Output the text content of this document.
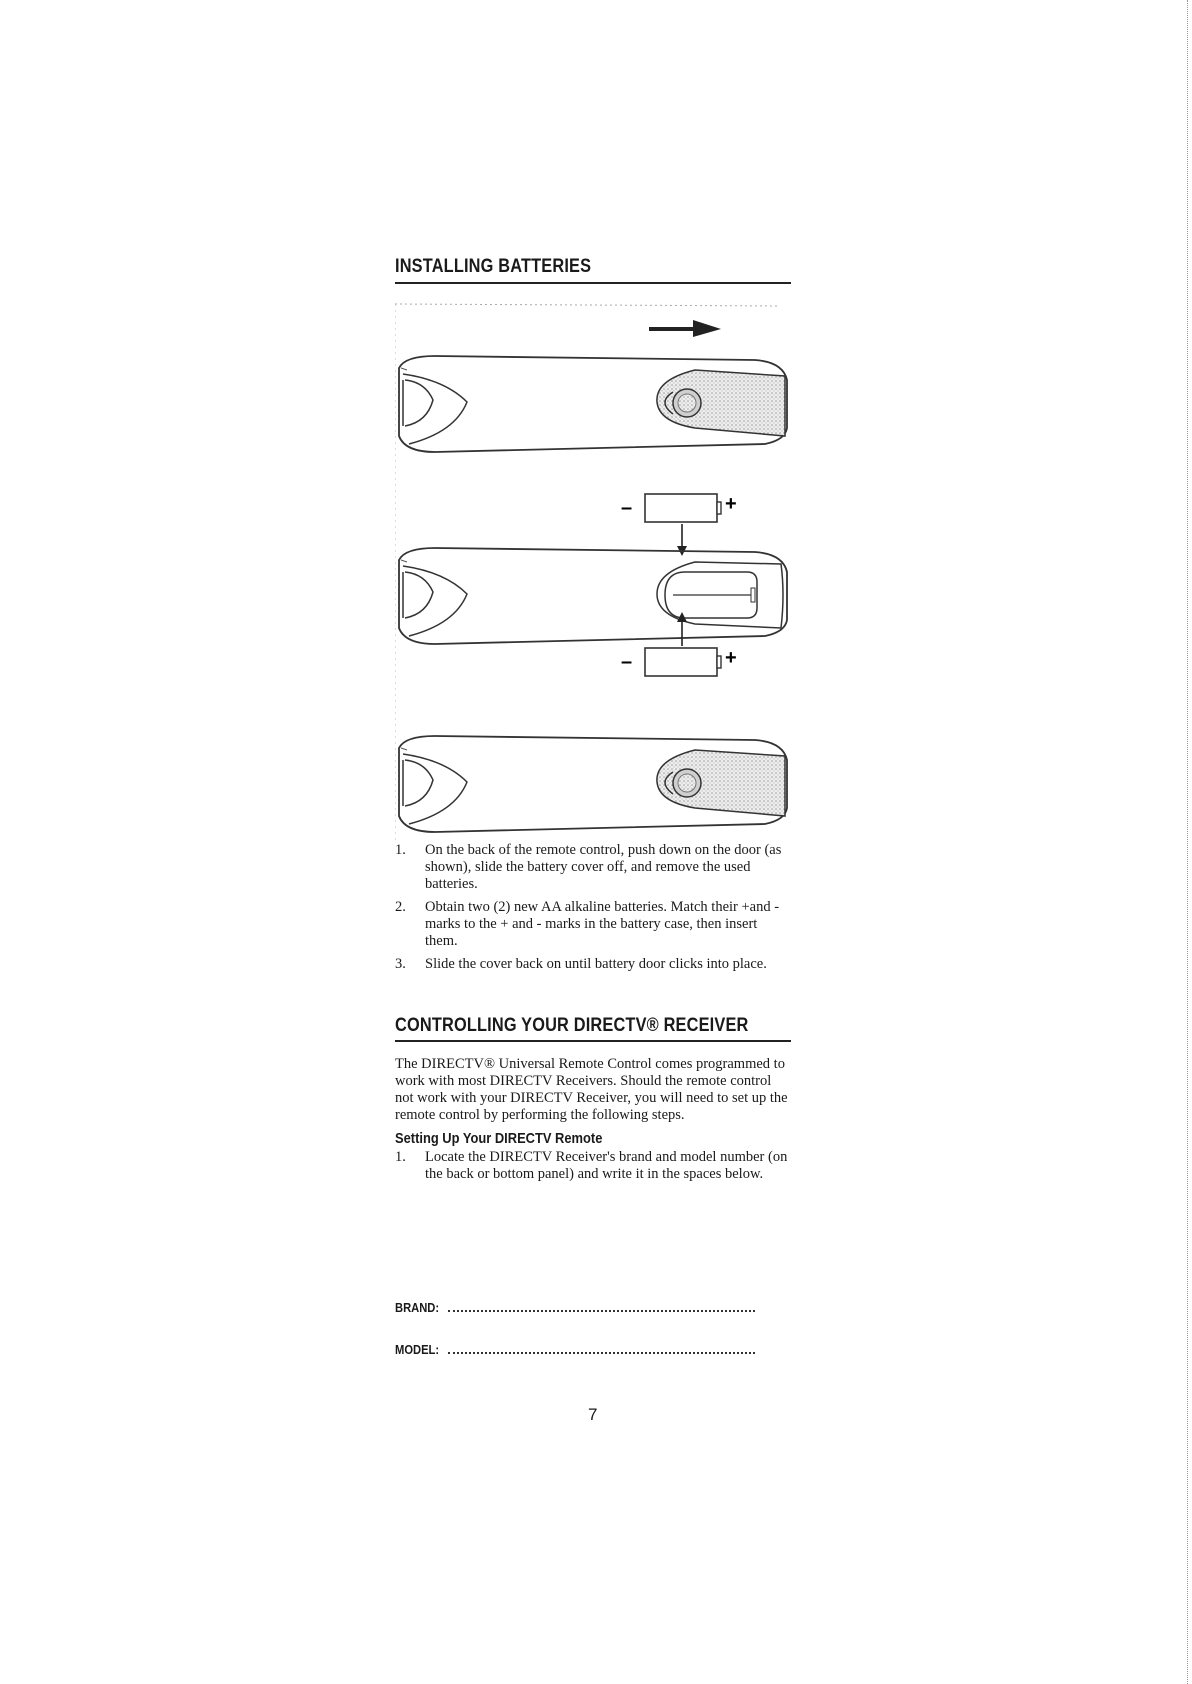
INSTALLING BATTERIES
–	+
–	+
1.	On the back of the remote control, push down on the door (as shown), slide the battery cover off, and remove the used batteries.
2.	Obtain two (2) new AA alkaline batteries. Match their +and - marks to the + and - marks in the battery case, then insert them.
3.	Slide the cover back on until battery door clicks into place.
CONTROLLING YOUR DIRECTV® RECEIVER

The DIRECTV® Universal Remote Control comes programmed to work with most DIRECTV Receivers. Should the remote control not work with your DIRECTV Receiver, you will need to set up the remote control by performing the following steps.

Setting Up Your DIRECTV Remote

1.	Locate the DIRECTV Receiver's brand and model number (on the back or bottom panel) and write it in the spaces below.
BRAND:
MODEL:
7
